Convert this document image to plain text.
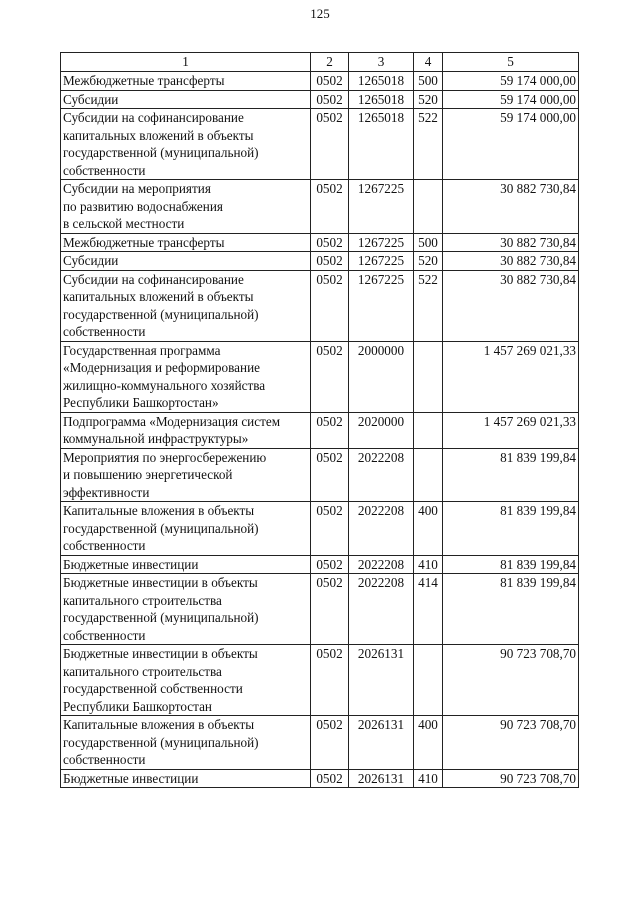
125
1	2	3	4	5

Межбюджетные трансферты	0502	1265018	500	59 174 000,00

Субсидии	0502	1265018	520	59 174 000,00

Субсидии на софинансирование
капитальных вложений в объекты
государственной (муниципальной)
собственности	0502	1265018	522	59 174 000,00

Субсидии на мероприятия
по развитию водоснабжения
в сельской местности	0502	1267225		30 882 730,84

Межбюджетные трансферты	0502	1267225	500	30 882 730,84

Субсидии	0502	1267225	520	30 882 730,84

Субсидии на софинансирование
капитальных вложений в объекты
государственной (муниципальной)
собственности	0502	1267225	522	30 882 730,84

Государственная программа
«Модернизация и реформирование
жилищно-коммунального хозяйства
Республики Башкортостан»	0502	2000000		1 457 269 021,33

Подпрограмма «Модернизация систем
коммунальной инфраструктуры»	0502	2020000		1 457 269 021,33

Мероприятия по энергосбережению
и повышению энергетической
эффективности	0502	2022208		81 839 199,84

Капитальные вложения в объекты
государственной (муниципальной)
собственности	0502	2022208	400	81 839 199,84

Бюджетные инвестиции	0502	2022208	410	81 839 199,84

Бюджетные инвестиции в объекты
капитального строительства
государственной (муниципальной)
собственности	0502	2022208	414	81 839 199,84

Бюджетные инвестиции в объекты
капитального строительства
государственной собственности
Республики Башкортостан	0502	2026131		90 723 708,70

Капитальные вложения в объекты
государственной (муниципальной)
собственности	0502	2026131	400	90 723 708,70

Бюджетные инвестиции	0502	2026131	410	90 723 708,70
